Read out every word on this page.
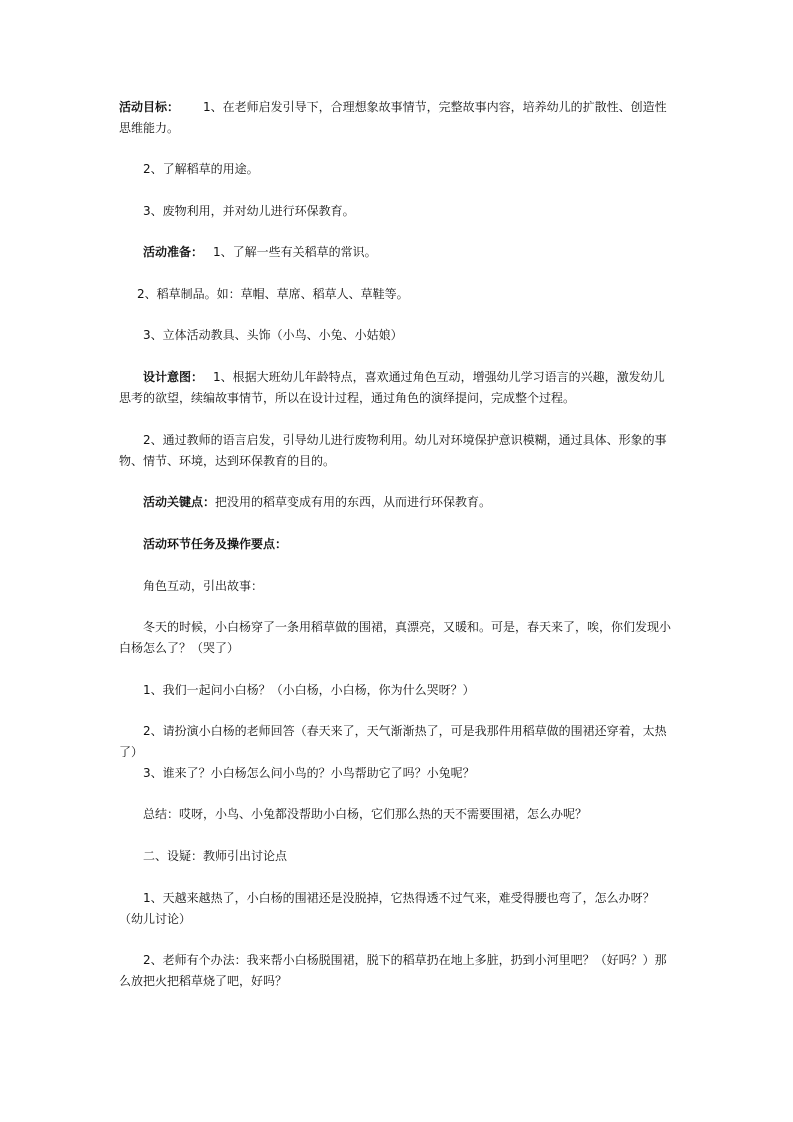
活动目标： 1、在老师启发引导下，合理想象故事情节，完整故事内容，培养幼儿的扩散性、创造性思维能力。
2、了解稻草的用途。
3、废物利用，并对幼儿进行环保教育。
活动准备： 1、了解一些有关稻草的常识。
2、稻草制品。如：草帽、草席、稻草人、草鞋等。
3、立体活动教具、头饰（小鸟、小兔、小姑娘）
设计意图： 1、根据大班幼儿年龄特点，喜欢通过角色互动，增强幼儿学习语言的兴趣，激发幼儿思考的欲望，续编故事情节，所以在设计过程，通过角色的演绎提问，完成整个过程。
2、通过教师的语言启发，引导幼儿进行废物利用。幼儿对环境保护意识模糊，通过具体、形象的事物、情节、环境，达到环保教育的目的。
活动关键点：把没用的稻草变成有用的东西，从而进行环保教育。
活动环节任务及操作要点：
角色互动，引出故事：
冬天的时候，小白杨穿了一条用稻草做的围裙，真漂亮，又暖和。可是，春天来了，唉，你们发现小白杨怎么了？（哭了）
1、我们一起问小白杨？（小白杨，小白杨，你为什么哭呀？）
2、请扮演小白杨的老师回答（春天来了，天气渐渐热了，可是我那件用稻草做的围裙还穿着，太热了）
3、谁来了？小白杨怎么问小鸟的？小鸟帮助它了吗？小兔呢？
总结：哎呀，小鸟、小兔都没帮助小白杨，它们那么热的天不需要围裙，怎么办呢？
二、设疑：教师引出讨论点
1、天越来越热了，小白杨的围裙还是没脱掉，它热得透不过气来，难受得腰也弯了，怎么办呀？（幼儿讨论）
2、老师有个办法：我来帮小白杨脱围裙，脱下的稻草扔在地上多脏，扔到小河里吧？（好吗？）那么放把火把稻草烧了吧，好吗？
